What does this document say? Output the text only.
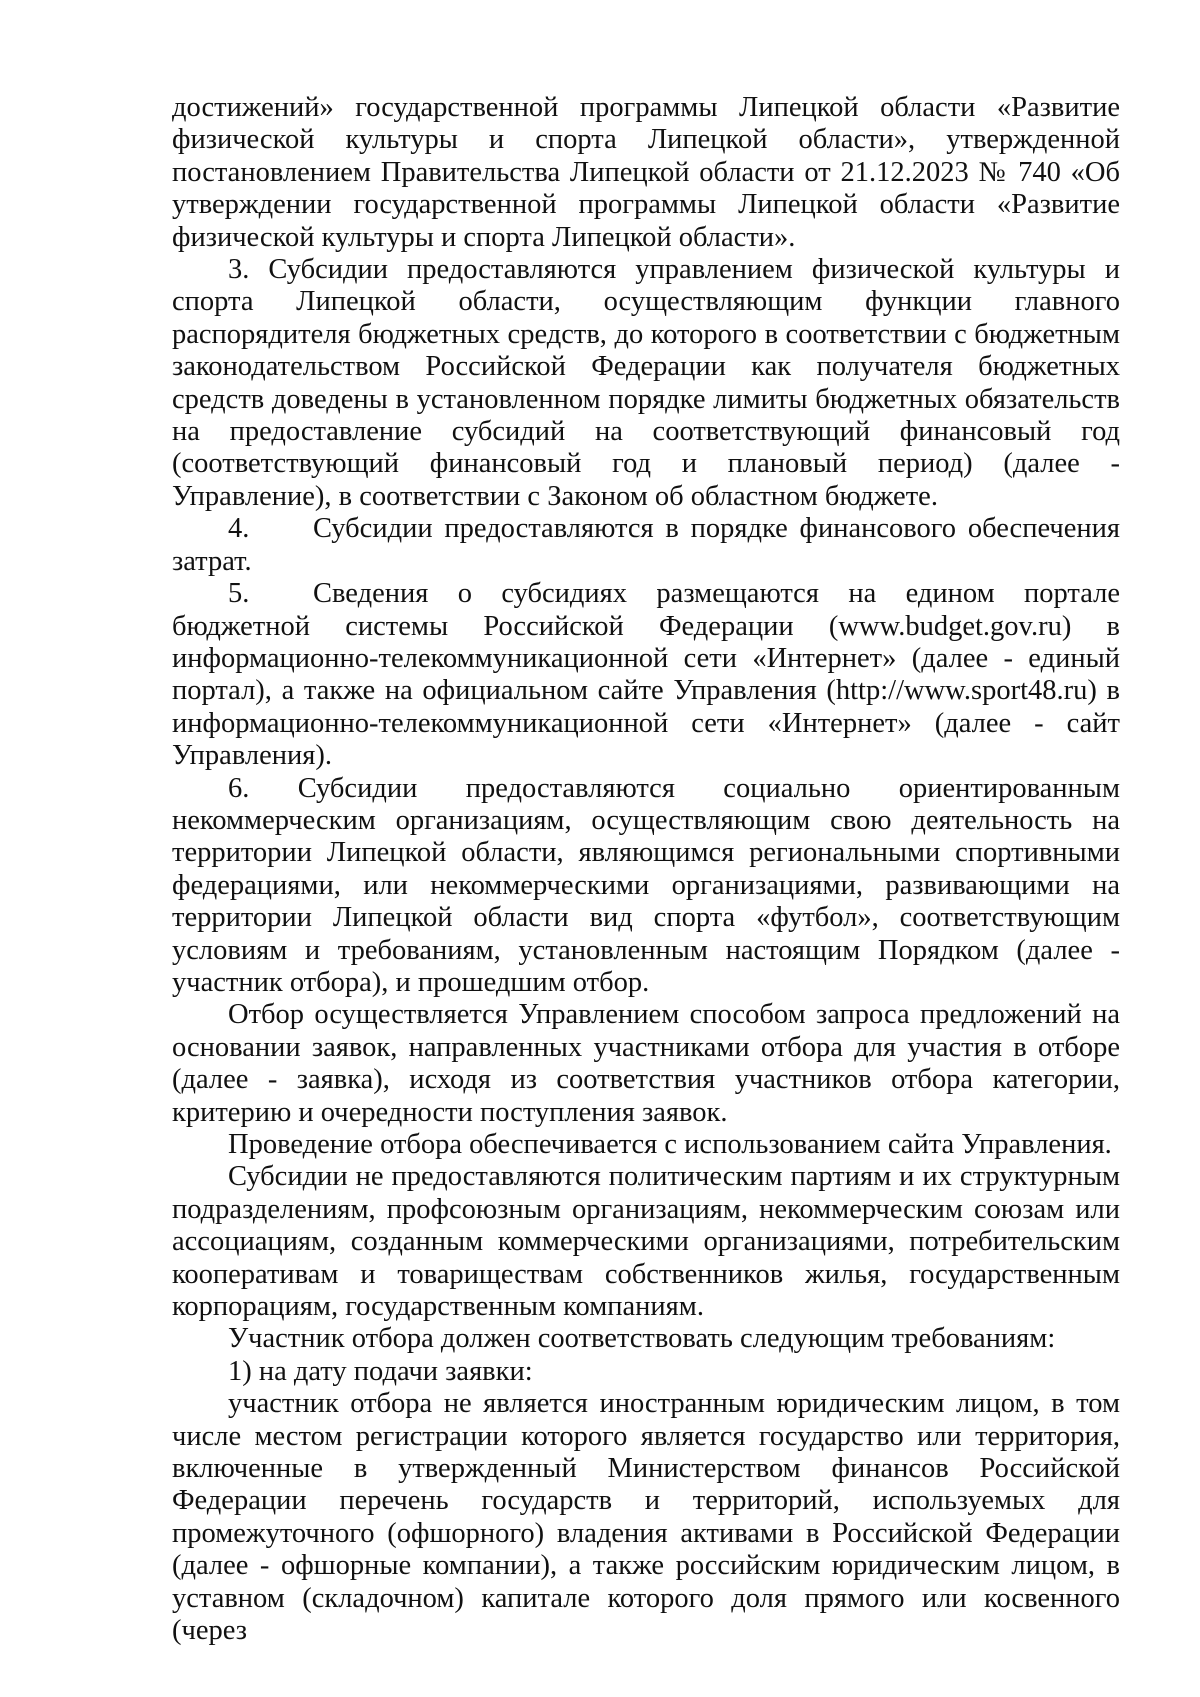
достижений» государственной программы Липецкой области «Развитие физической культуры и спорта Липецкой области», утвержденной постановлением Правительства Липецкой области от 21.12.2023 № 740 «Об утверждении государственной программы Липецкой области «Развитие физической культуры и спорта Липецкой области».

3. Субсидии предоставляются управлением физической культуры и спорта Липецкой области, осуществляющим функции главного распорядителя бюджетных средств, до которого в соответствии с бюджетным законодательством Российской Федерации как получателя бюджетных средств доведены в установленном порядке лимиты бюджетных обязательств на предоставление субсидий на соответствующий финансовый год (соответствующий финансовый год и плановый период) (далее - Управление), в соответствии с Законом об областном бюджете.

4. Субсидии предоставляются в порядке финансового обеспечения затрат.

5. Сведения о субсидиях размещаются на едином портале бюджетной системы Российской Федерации (www.budget.gov.ru) в информационно-телекоммуникационной сети «Интернет» (далее - единый портал), а также на официальном сайте Управления (http://www.sport48.ru) в информационно-телекоммуникационной сети «Интернет» (далее - сайт Управления).

6. Субсидии предоставляются социально ориентированным некоммерческим организациям, осуществляющим свою деятельность на территории Липецкой области, являющимся региональными спортивными федерациями, или некоммерческими организациями, развивающими на территории Липецкой области вид спорта «футбол», соответствующим условиям и требованиям, установленным настоящим Порядком (далее - участник отбора), и прошедшим отбор.

Отбор осуществляется Управлением способом запроса предложений на основании заявок, направленных участниками отбора для участия в отборе (далее - заявка), исходя из соответствия участников отбора категории, критерию и очередности поступления заявок.

Проведение отбора обеспечивается с использованием сайта Управления.

Субсидии не предоставляются политическим партиям и их структурным подразделениям, профсоюзным организациям, некоммерческим союзам или ассоциациям, созданным коммерческими организациями, потребительским кооперативам и товариществам собственников жилья, государственным корпорациям, государственным компаниям.

Участник отбора должен соответствовать следующим требованиям:

1) на дату подачи заявки:

участник отбора не является иностранным юридическим лицом, в том числе местом регистрации которого является государство или территория, включенные в утвержденный Министерством финансов Российской Федерации перечень государств и территорий, используемых для промежуточного (офшорного) владения активами в Российской Федерации (далее - офшорные компании), а также российским юридическим лицом, в уставном (складочном) капитале которого доля прямого или косвенного (через
